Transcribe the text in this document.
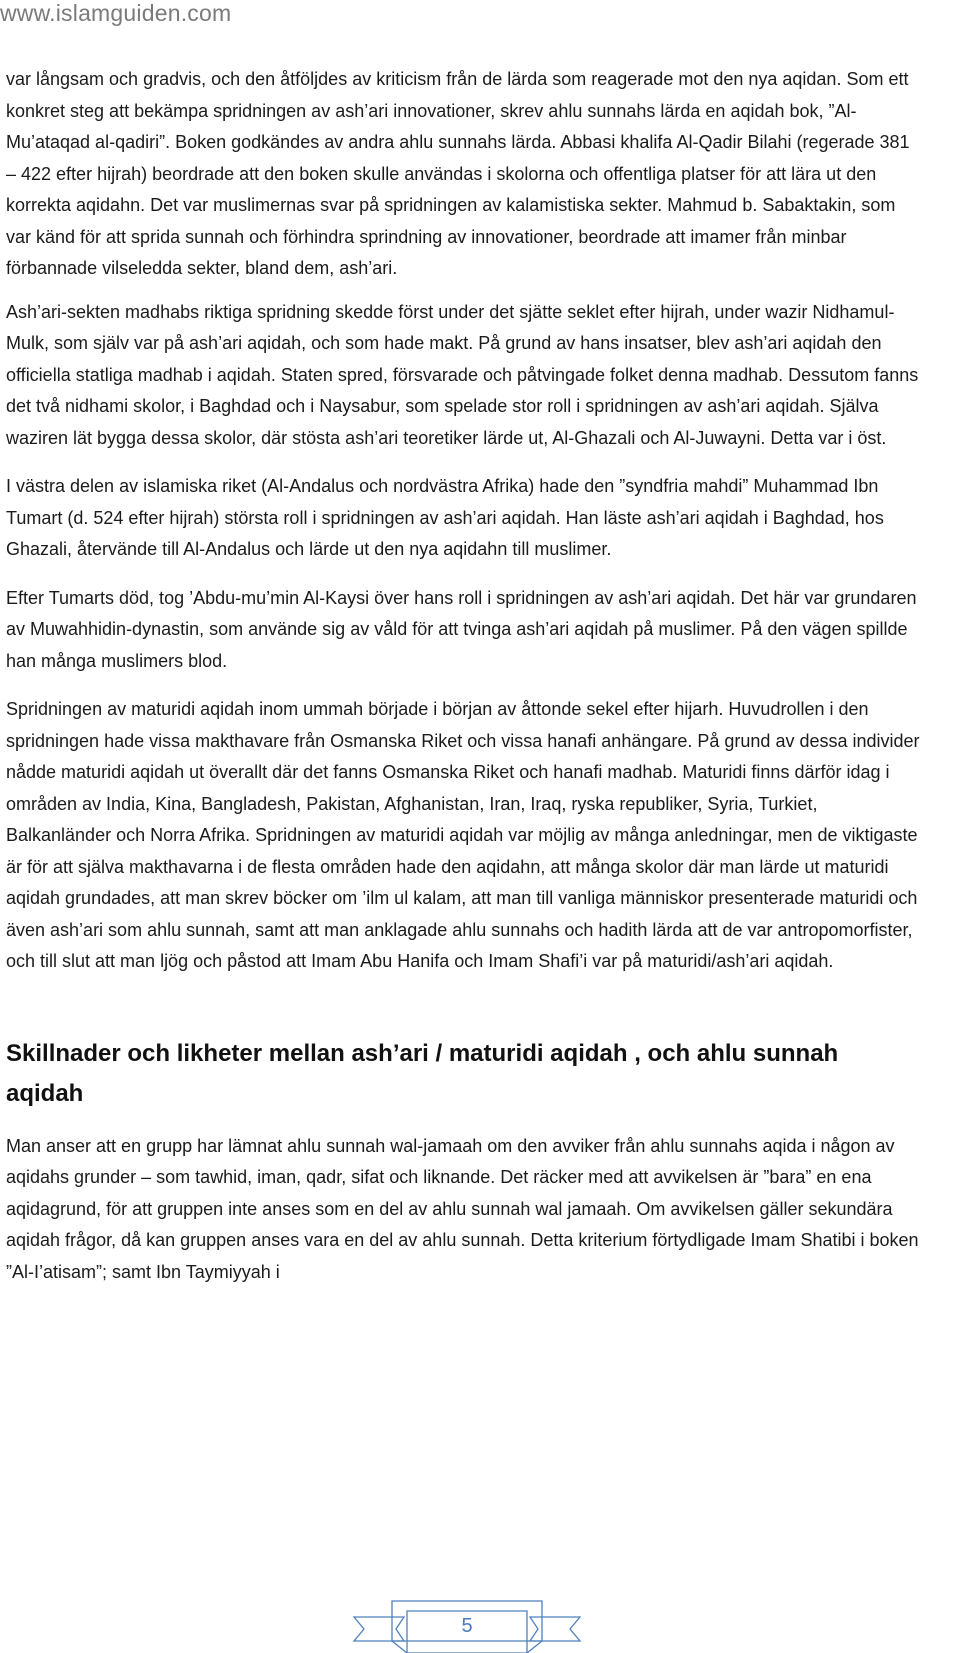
www.islamguiden.com

var långsam och gradvis, och den åtföljdes av kriticism från de lärda som reagerade mot den nya aqidan. Som ett konkret steg att bekämpa spridningen av ash’ari innovationer, skrev ahlu sunnahs lärda en aqidah bok, ”Al-Mu’ataqad al-qadiri”. Boken godkändes av andra ahlu sunnahs lärda. Abbasi khalifa Al-Qadir Bilahi (regerade 381 – 422 efter hijrah) beordrade att den boken skulle användas i skolorna och offentliga platser för att lära ut den korrekta aqidahn. Det var muslimernas svar på spridningen av kalamistiska sekter. Mahmud b. Sabaktakin, som var känd för att sprida sunnah och förhindra sprindning av innovationer, beordrade att imamer från minbar förbannade vilseledda sekter, bland dem, ash’ari.

Ash’ari-sekten madhabs riktiga spridning skedde först under det sjätte seklet efter hijrah, under wazir Nidhamul-Mulk, som själv var på ash’ari aqidah, och som hade makt. På grund av hans insatser, blev ash’ari aqidah den officiella statliga madhab i aqidah. Staten spred, försvarade och påtvingade folket denna madhab. Dessutom fanns det två nidhami skolor, i Baghdad och i Naysabur, som spelade stor roll i spridningen av ash’ari aqidah. Själva waziren lät bygga dessa skolor, där stösta ash’ari teoretiker lärde ut, Al-Ghazali och Al-Juwayni. Detta var i öst.

I västra delen av islamiska riket (Al-Andalus och nordvästra Afrika) hade den ”syndfria mahdi” Muhammad Ibn Tumart (d. 524 efter hijrah) största roll i spridningen av ash’ari aqidah. Han läste ash’ari aqidah i Baghdad, hos Ghazali, återvände till Al-Andalus och lärde ut den nya aqidahn till muslimer.

Efter Tumarts död, tog ’Abdu-mu’min Al-Kaysi över hans roll i spridningen av ash’ari aqidah. Det här var grundaren av Muwahhidin-dynastin, som använde sig av våld för att tvinga ash’ari aqidah på muslimer. På den vägen spillde han många muslimers blod.

Spridningen av maturidi aqidah inom ummah började i början av åttonde sekel efter hijarh. Huvudrollen i den spridningen hade vissa makthavare från Osmanska Riket och vissa hanafi anhängare. På grund av dessa individer nådde maturidi aqidah ut överallt där det fanns Osmanska Riket och hanafi madhab. Maturidi finns därför idag i områden av India, Kina, Bangladesh, Pakistan, Afghanistan, Iran, Iraq, ryska republiker, Syria, Turkiet, Balkanländer och Norra Afrika. Spridningen av maturidi aqidah var möjlig av många anledningar, men de viktigaste är för att själva makthavarna i de flesta områden hade den aqidahn, att många skolor där man lärde ut maturidi aqidah grundades, att man skrev böcker om ’ilm ul kalam, att man till vanliga människor presenterade maturidi och även ash’ari som ahlu sunnah, samt att man anklagade ahlu sunnahs och hadith lärda att de var antropomorfister, och till slut att man ljög och påstod att Imam Abu Hanifa och Imam Shafi’i var på maturidi/ash’ari aqidah.

Skillnader och likheter mellan ash’ari / maturidi aqidah , och ahlu sunnah aqidah

Man anser att en grupp har lämnat ahlu sunnah wal-jamaah om den avviker från ahlu sunnahs aqida i någon av aqidahs grunder – som tawhid, iman, qadr, sifat och liknande. Det räcker med att avvikelsen är ”bara” en ena aqidagrund, för att gruppen inte anses som en del av ahlu sunnah wal jamaah. Om avvikelsen gäller sekundära aqidah frågor, då kan gruppen anses vara en del av ahlu sunnah. Detta kriterium förtydligade Imam Shatibi i boken ”Al-I’atisam”; samt Ibn Taymiyyah i

5
